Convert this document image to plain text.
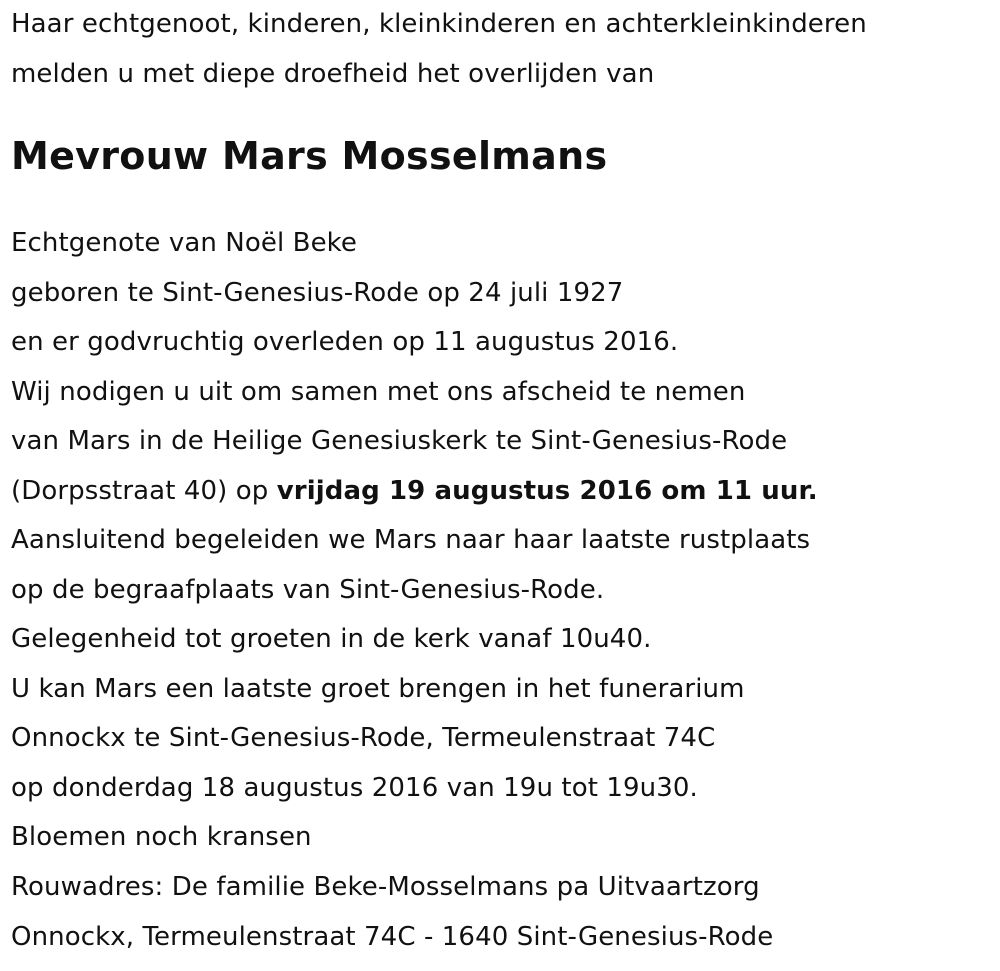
Haar echtgenoot, kinderen, kleinkinderen en achterkleinkinderen
melden u met diepe droefheid het overlijden van
Mevrouw Mars Mosselmans
Echtgenote van Noël Beke
geboren te Sint-Genesius-Rode op 24 juli 1927
en er godvruchtig overleden op 11 augustus 2016.
Wij nodigen u uit om samen met ons afscheid te nemen
van Mars in de Heilige Genesiuskerk te Sint-Genesius-Rode
(Dorpsstraat 40) op vrijdag 19 augustus 2016 om 11 uur.
Aansluitend begeleiden we Mars naar haar laatste rustplaats
op de begraafplaats van Sint-Genesius-Rode.
Gelegenheid tot groeten in de kerk vanaf 10u40.
U kan Mars een laatste groet brengen in het funerarium
Onnockx te Sint-Genesius-Rode, Termeulenstraat 74C
op donderdag 18 augustus 2016 van 19u tot 19u30.
Bloemen noch kransen
Rouwadres: De familie Beke-Mosselmans pa Uitvaartzorg
Onnockx, Termeulenstraat 74C - 1640 Sint-Genesius-Rode
